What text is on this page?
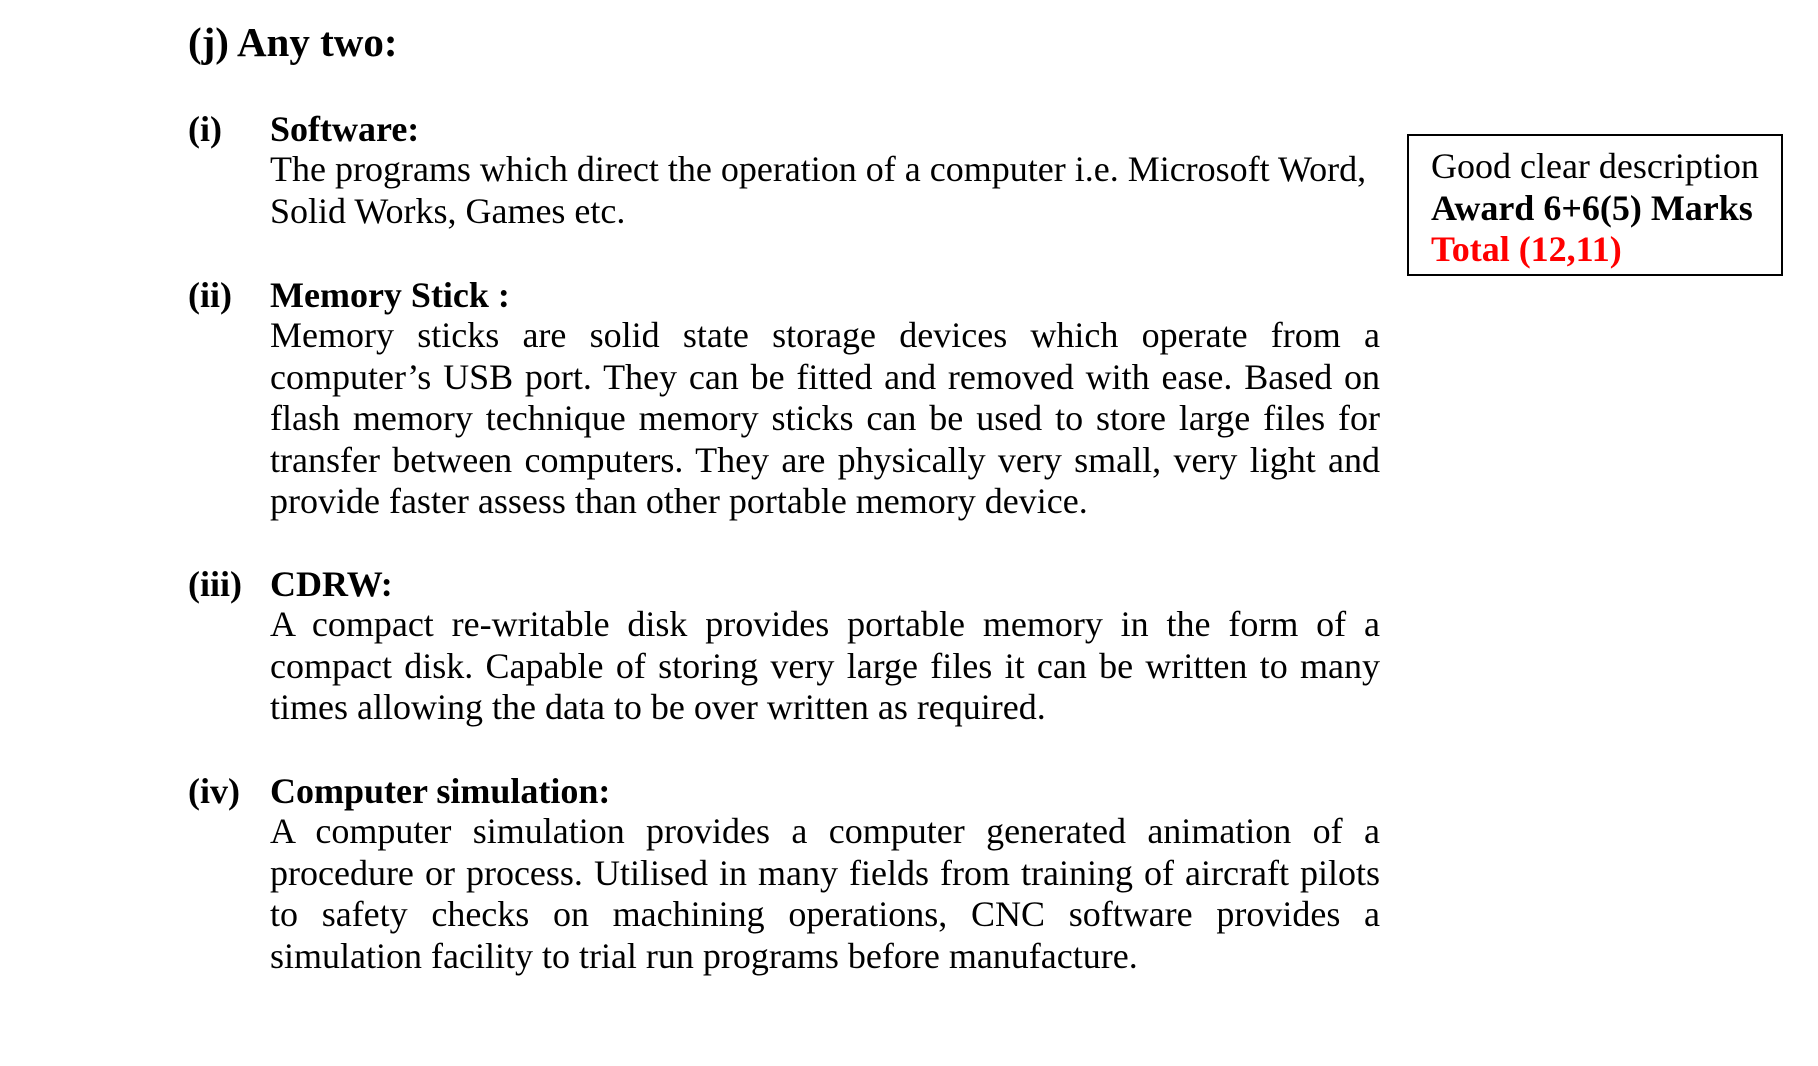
(j) Any two:
(i) Software:
The programs which direct the operation of a computer i.e. Microsoft Word, Solid Works, Games etc.
(ii) Memory Stick :
Memory sticks are solid state storage devices which operate from a computer’s USB port. They can be fitted and removed with ease. Based on flash memory technique memory sticks can be used to store large files for transfer between computers. They are physically very small, very light and provide faster assess than other portable memory device.
(iii) CDRW:
A compact re-writable disk provides portable memory in the form of a compact disk. Capable of storing very large files it can be written to many times allowing the data to be over written as required.
(iv) Computer simulation:
A computer simulation provides a computer generated animation of a procedure or process. Utilised in many fields from training of aircraft pilots to safety checks on machining operations, CNC software provides a simulation facility to trial run programs before manufacture.
Good clear description
Award 6+6(5) Marks
Total (12,11)
